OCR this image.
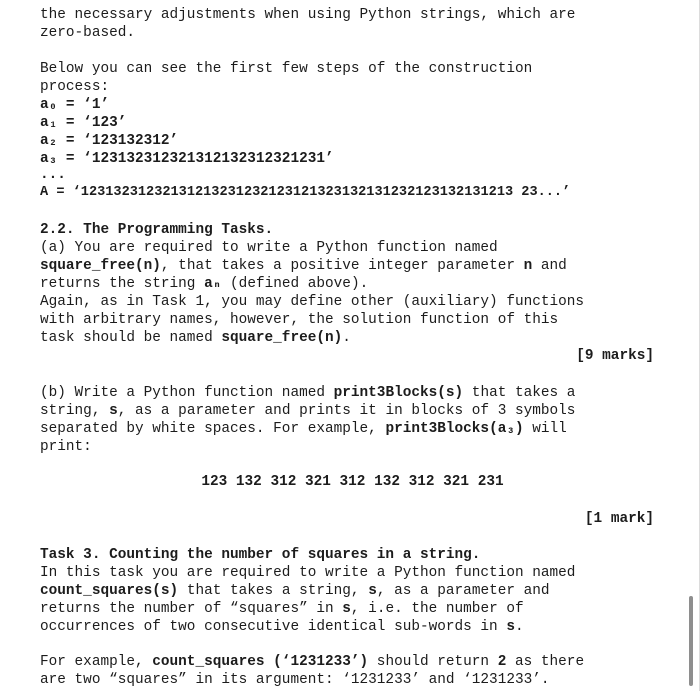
the necessary adjustments when using Python strings, which are
zero-based.
Below you can see the first few steps of the construction
process:
a₀ = ‘1’
a₁ = ‘123’
a₂ = ‘123132312’
a₃ = ‘123132312321312132312321231’
...
A = ‘12313231232131213231232123121323132131232123132131213 23...’
2.2. The Programming Tasks.
(a) You are required to write a Python function named
square_free(n), that takes a positive integer parameter n and
returns the string aₙ (defined above).
Again, as in Task 1, you may define other (auxiliary) functions
with arbitrary names, however, the solution function of this
task should be named square_free(n).
[9 marks]
(b) Write a Python function named print3Blocks(s) that takes a
string, s, as a parameter and prints it in blocks of 3 symbols
separated by white spaces. For example, print3Blocks(a₃) will
print:
123 132 312 321 312 132 312 321 231
[1 mark]
Task 3. Counting the number of squares in a string.
In this task you are required to write a Python function named
count_squares(s) that takes a string, s, as a parameter and
returns the number of “squares” in s, i.e. the number of
occurrences of two consecutive identical sub-words in s.
For example, count_squares (‘1231233’) should return 2 as there
are two “squares” in its argument: ‘1231233’ and ‘1231233’.
